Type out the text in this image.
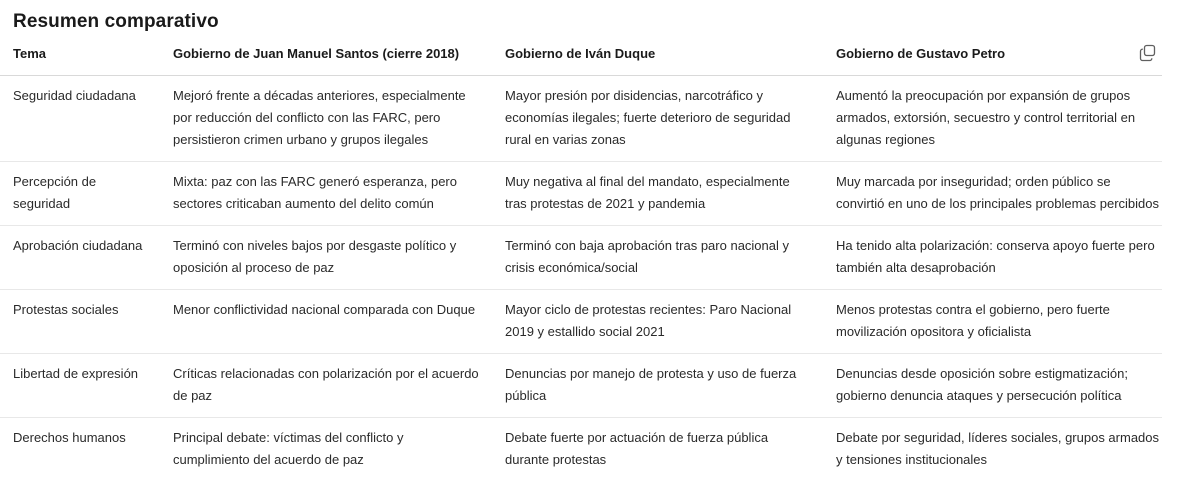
Resumen comparativo
Tema	Gobierno de Juan Manuel Santos (cierre 2018)	Gobierno de Iván Duque	Gobierno de Gustavo Petro
Seguridad ciudadana	Mejoró frente a décadas anteriores, especialmente por reducción del conflicto con las FARC, pero persistieron crimen urbano y grupos ilegales	Mayor presión por disidencias, narcotráfico y economías ilegales; fuerte deterioro de seguridad rural en varias zonas	Aumentó la preocupación por expansión de grupos armados, extorsión, secuestro y control territorial en algunas regiones
Percepción de seguridad	Mixta: paz con las FARC generó esperanza, pero sectores criticaban aumento del delito común	Muy negativa al final del mandato, especialmente tras protestas de 2021 y pandemia	Muy marcada por inseguridad; orden público se convirtió en uno de los principales problemas percibidos
Aprobación ciudadana	Terminó con niveles bajos por desgaste político y oposición al proceso de paz	Terminó con baja aprobación tras paro nacional y crisis económica/social	Ha tenido alta polarización: conserva apoyo fuerte pero también alta desaprobación
Protestas sociales	Menor conflictividad nacional comparada con Duque	Mayor ciclo de protestas recientes: Paro Nacional 2019 y estallido social 2021	Menos protestas contra el gobierno, pero fuerte movilización opositora y oficialista
Libertad de expresión	Críticas relacionadas con polarización por el acuerdo de paz	Denuncias por manejo de protesta y uso de fuerza pública	Denuncias desde oposición sobre estigmatización; gobierno denuncia ataques y persecución política
Derechos humanos	Principal debate: víctimas del conflicto y cumplimiento del acuerdo de paz	Debate fuerte por actuación de fuerza pública durante protestas	Debate por seguridad, líderes sociales, grupos armados y tensiones institucionales
